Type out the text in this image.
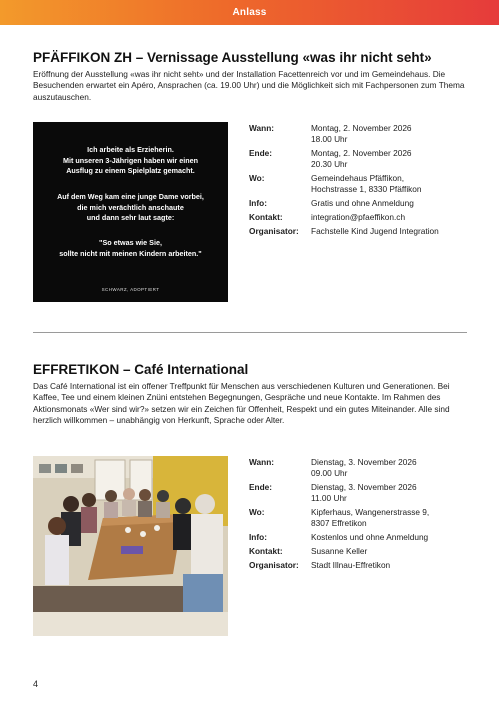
Anlass
PFÄFFIKON ZH – Vernissage Ausstellung «was ihr nicht seht»

Eröffnung der Ausstellung «was ihr nicht seht» und der Installation Facettenreich vor und im Gemeindehaus. Die Besuchenden erwartet ein Apéro, Ansprachen (ca. 19.00 Uhr) und die Möglichkeit sich mit Fachpersonen zum Thema auszutauschen.

Ich arbeite als Erzieherin.
Mit unseren 3-Jährigen haben wir einen
Ausflug zu einem Spielplatz gemacht.
Auf dem Weg kam eine junge Dame vorbei,
die mich verächtlich anschaute
und dann sehr laut sagte:
"So etwas wie Sie,
sollte nicht mit meinen Kindern arbeiten."
SCHWARZ, ADOPTIERT
Wann:	Montag, 2. November 2026
18.00 Uhr
Ende:	Montag, 2. November 2026
20.30 Uhr
Wo:	Gemeindehaus Pfäffikon,
Hochstrasse 1, 8330 Pfäffikon
Info:	Gratis und ohne Anmeldung
Kontakt:	integration@pfaeffikon.ch
Organisator:	Fachstelle Kind Jugend Integration
EFFRETIKON – Café International

Das Café International ist ein offener Treffpunkt für Menschen aus verschiedenen Kulturen und Generationen. Bei Kaffee, Tee und einem kleinen Znüni entstehen Begegnungen, Gespräche und neue Kontakte. Im Rahmen des Aktionsmonats «Wer sind wir?» setzen wir ein Zeichen für Offenheit, Respekt und ein gutes Miteinander. Alle sind herzlich willkommen – unabhängig von Herkunft, Sprache oder Alter.

Wann:	Dienstag, 3. November 2026
09.00 Uhr
Ende:	Dienstag, 3. November 2026
11.00 Uhr
Wo:	Kipferhaus, Wangenerstrasse 9,
8307 Effretikon
Info:	Kostenlos und ohne Anmeldung
Kontakt:	Susanne Keller
Organisator:	Stadt Illnau-Effretikon
4
